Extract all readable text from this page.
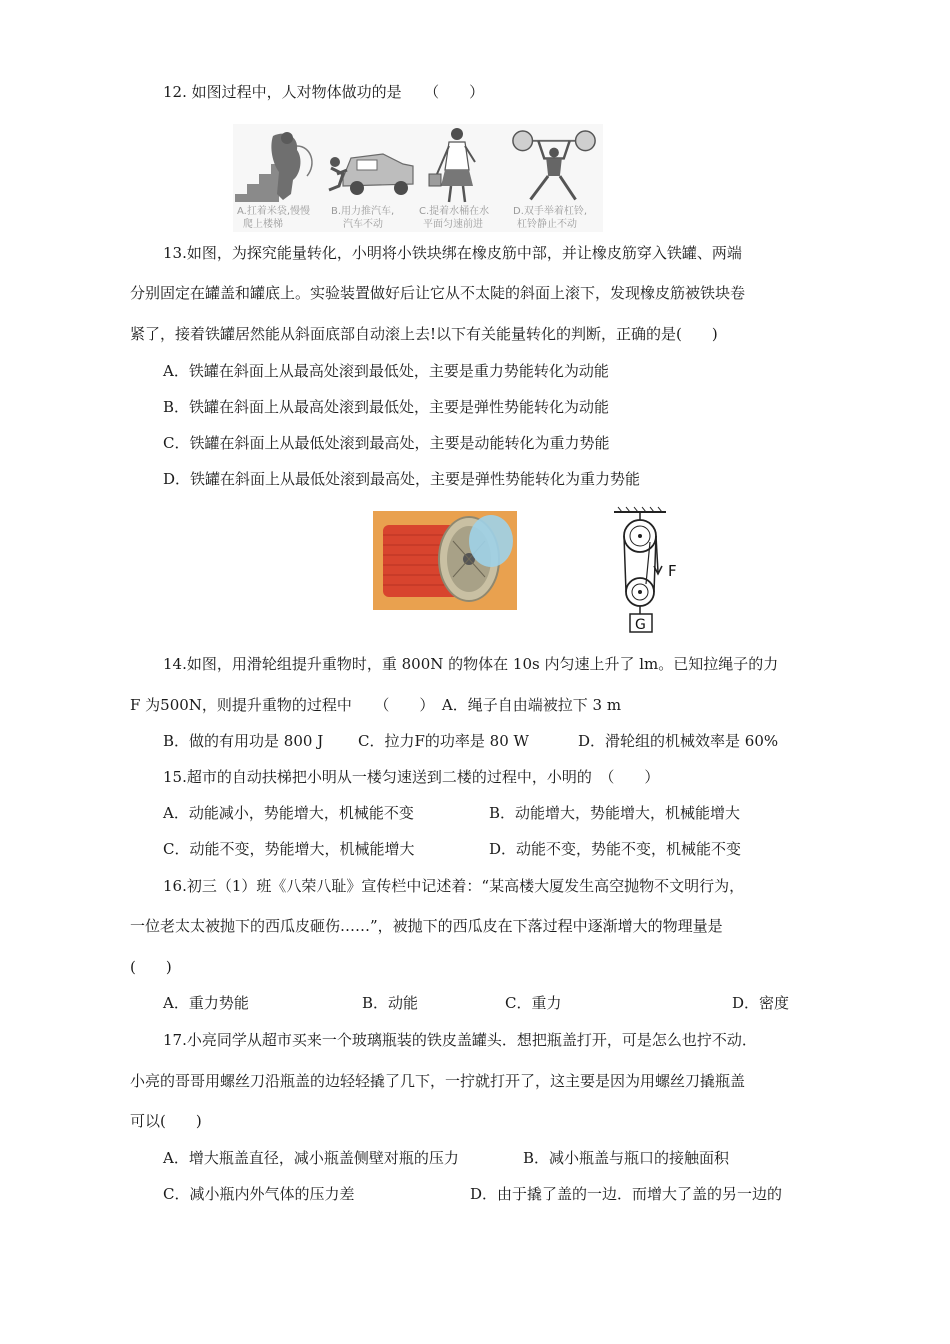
12. 如图过程中，人对物体做功的是　　（　　）
A.扛着米袋,慢慢
爬上楼梯
B.用力推汽车,
汽车不动
C.提着水桶在水
平面匀速前进
D.双手举着杠铃,
杠铃静止不动
13.如图，为探究能量转化，小明将小铁块绑在橡皮筋中部，并让橡皮筋穿入铁罐、两端
分别固定在罐盖和罐底上。实验装置做好后让它从不太陡的斜面上滚下，发现橡皮筋被铁块卷
紧了，接着铁罐居然能从斜面底部自动滚上去!以下有关能量转化的判断，正确的是(　　)
A．铁罐在斜面上从最高处滚到最低处，主要是重力势能转化为动能
B．铁罐在斜面上从最高处滚到最低处，主要是弹性势能转化为动能
C．铁罐在斜面上从最低处滚到最高处，主要是动能转化为重力势能
D．铁罐在斜面上从最低处滚到最高处，主要是弹性势能转化为重力势能
F
G
14.如图，用滑轮组提升重物时，重 800N 的物体在 10s 内匀速上升了 lm。已知拉绳子的力
F 为500N，则提升重物的过程中　　（　　）　A．绳子自由端被拉下 3 m
B．做的有用功是 800 J C．拉力F的功率是 80 W	D．滑轮组的机械效率是 60%
15.超市的自动扶梯把小明从一楼匀速送到二楼的过程中，小明的　（　　）
A．动能减小，势能增大，机械能不变	B．动能增大，势能增大，机械能增大
C．动能不变，势能增大，机械能增大	D．动能不变，势能不变，机械能不变
16.初三（1）班《八荣八耻》宣传栏中记述着：“某高楼大厦发生高空抛物不文明行为，
一位老太太被抛下的西瓜皮砸伤……”，被抛下的西瓜皮在下落过程中逐渐增大的物理量是
(　　)
A．重力势能	B．动能	C．重力	D．密度
17.小亮同学从超市买来一个玻璃瓶装的铁皮盖罐头．想把瓶盖打开，可是怎么也拧不动．
小亮的哥哥用螺丝刀沿瓶盖的边轻轻撬了几下，一拧就打开了，这主要是因为用螺丝刀撬瓶盖
可以(　　)
A．增大瓶盖直径，减小瓶盖侧壁对瓶的压力	B．减小瓶盖与瓶口的接触面积
C．减小瓶内外气体的压力差	D．由于撬了盖的一边．而增大了盖的另一边的
